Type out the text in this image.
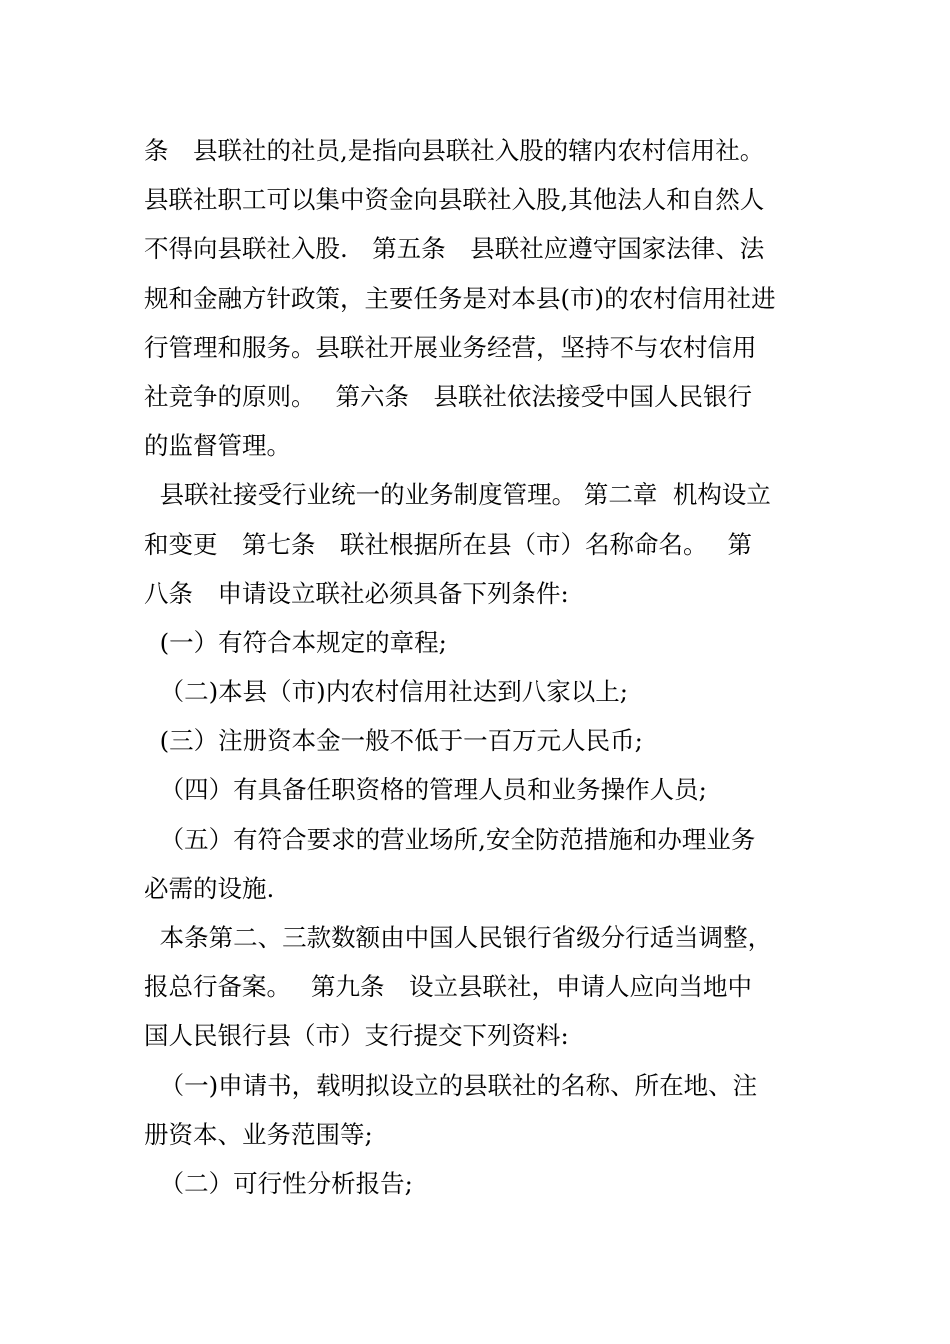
条　县联社的社员,是指向县联社入股的辖内农村信用社。
县联社职工可以集中资金向县联社入股,其他法人和自然人
不得向县联社入股.　第五条　县联社应遵守国家法律、法
规和金融方针政策，主要任务是对本县(市)的农村信用社进
行管理和服务。县联社开展业务经营，坚持不与农村信用
社竞争的原则。　 第六条　县联社依法接受中国人民银行
的监督管理。
县联社接受行业统一的业务制度管理。 第二章  机构设立
和变更　第七条　联社根据所在县（市）名称命名。　 第
八条　申请设立联社必须具备下列条件:
(一）有符合本规定的章程;
（二)本县（市)内农村信用社达到八家以上;
(三）注册资本金一般不低于一百万元人民币;
（四）有具备任职资格的管理人员和业务操作人员;
（五）有符合要求的营业场所,安全防范措施和办理业务
必需的设施.
本条第二、三款数额由中国人民银行省级分行适当调整，
报总行备案。　 第九条　设立县联社，申请人应向当地中
国人民银行县（市）支行提交下列资料:
（一)申请书，载明拟设立的县联社的名称、所在地、注
册资本、业务范围等;
（二）可行性分析报告;
